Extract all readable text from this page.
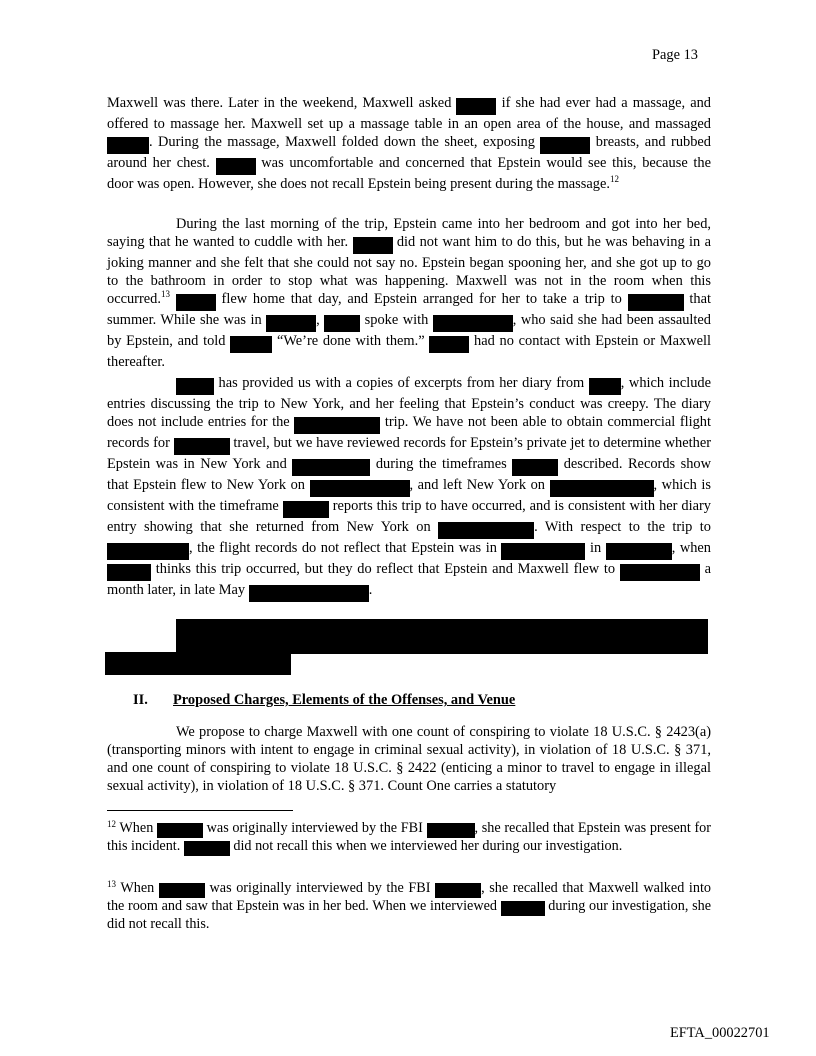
Page 13
Maxwell was there. Later in the weekend, Maxwell asked	if she had ever had a massage, and offered to massage her. Maxwell set up a massage table in an open area of the house, and massaged . During the massage, Maxwell folded down the sheet, exposing	breasts, and rubbed around her chest.	was uncomfortable and concerned that Epstein would see this, because the door was open. However, she does not recall Epstein being present during the massage.$^{12}$
During the last morning of the trip, Epstein came into her bedroom and got into her bed, saying that he wanted to cuddle with her.	did not want him to do this, but he was behaving in a joking manner and she felt that she could not say no. Epstein began spooning her, and she got up to go to the bathroom in order to stop what was happening. Maxwell was not in the room when this occurred.$^{13}$	flew home that day, and Epstein arranged for her to take a trip to	that summer. While she was in	,	spoke with	, who said she had been assaulted by Epstein, and told	“We’re done with them.”	had no contact with Epstein or Maxwell thereafter.
has provided us with a copies of excerpts from her diary from , which include entries discussing the trip to New York, and her feeling that Epstein’s conduct was creepy. The diary does not include entries for the	trip. We have not been able to obtain commercial flight records for	travel, but we have reviewed records for Epstein’s private jet to determine whether Epstein was in New York and	during the timeframes	described. Records show that Epstein flew to New York on	, and left New York on	, which is consistent with the timeframe	reports this trip to have occurred, and is consistent with her diary entry showing that she returned from New York on	. With respect to the trip to , the flight records do not reflect that Epstein was in	in	, when  thinks this trip occurred, but they do reflect that Epstein and Maxwell flew to	a month later, in late May	.
II. Proposed Charges, Elements of the Offenses, and Venue
We propose to charge Maxwell with one count of conspiring to violate 18 U.S.C. § 2423(a) (transporting minors with intent to engage in criminal sexual activity), in violation of 18 U.S.C. § 371, and one count of conspiring to violate 18 U.S.C. § 2422 (enticing a minor to travel to engage in illegal sexual activity), in violation of 18 U.S.C. § 371. Count One carries a statutory
$^{12}$ When	was originally interviewed by the FBI	, she recalled that Epstein was present for this incident.	did not recall this when we interviewed her during our investigation.
$^{13}$ When	was originally interviewed by the FBI	, she recalled that Maxwell walked into the room and saw that Epstein was in her bed. When we interviewed	during our investigation, she did not recall this.
EFTA_00022701
